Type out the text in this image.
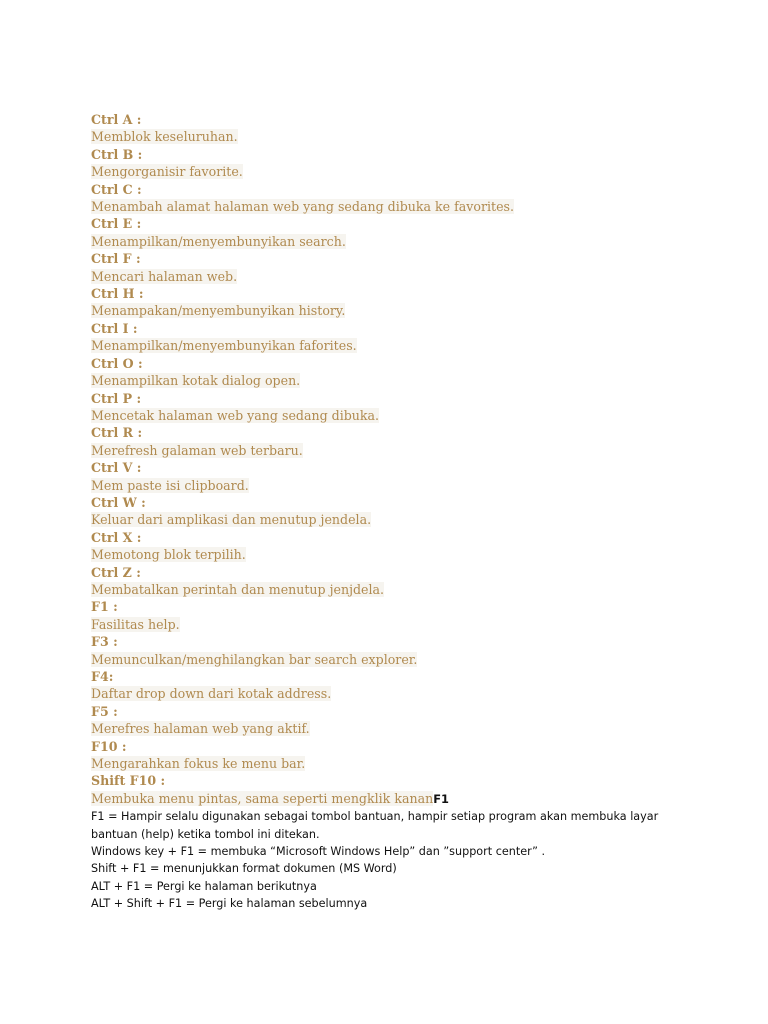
Ctrl A :
Memblok keseluruhan.
Ctrl B :
Mengorganisir favorite.
Ctrl C :
Menambah alamat halaman web yang sedang dibuka ke favorites.
Ctrl E :
Menampilkan/menyembunyikan search.
Ctrl F :
Mencari halaman web.
Ctrl H :
Menampakan/menyembunyikan history.
Ctrl I :
Menampilkan/menyembunyikan faforites.
Ctrl O :
Menampilkan kotak dialog open.
Ctrl P :
Mencetak halaman web yang sedang dibuka.
Ctrl R :
Merefresh galaman web terbaru.
Ctrl V :
Mem paste isi clipboard.
Ctrl W :
Keluar dari amplikasi dan menutup jendela.
Ctrl X :
Memotong blok terpilih.
Ctrl Z :
Membatalkan perintah dan menutup jenjdela.
F1 :
Fasilitas help.
F3 :
Memunculkan/menghilangkan bar search explorer.
F4:
Daftar drop down dari kotak address.
F5 :
Merefres halaman web yang aktif.
F10 :
Mengarahkan fokus ke menu bar.
Shift F10 :
Membuka menu pintas, sama seperti mengklik kananF1
F1 = Hampir selalu digunakan sebagai tombol bantuan, hampir setiap program akan membuka layar bantuan (help) ketika tombol ini ditekan.
Windows key + F1 = membuka “Microsoft Windows Help” dan ”support center” .
Shift + F1 = menunjukkan format dokumen (MS Word)
ALT + F1 = Pergi ke halaman berikutnya
ALT + Shift + F1 = Pergi ke halaman sebelumnya
